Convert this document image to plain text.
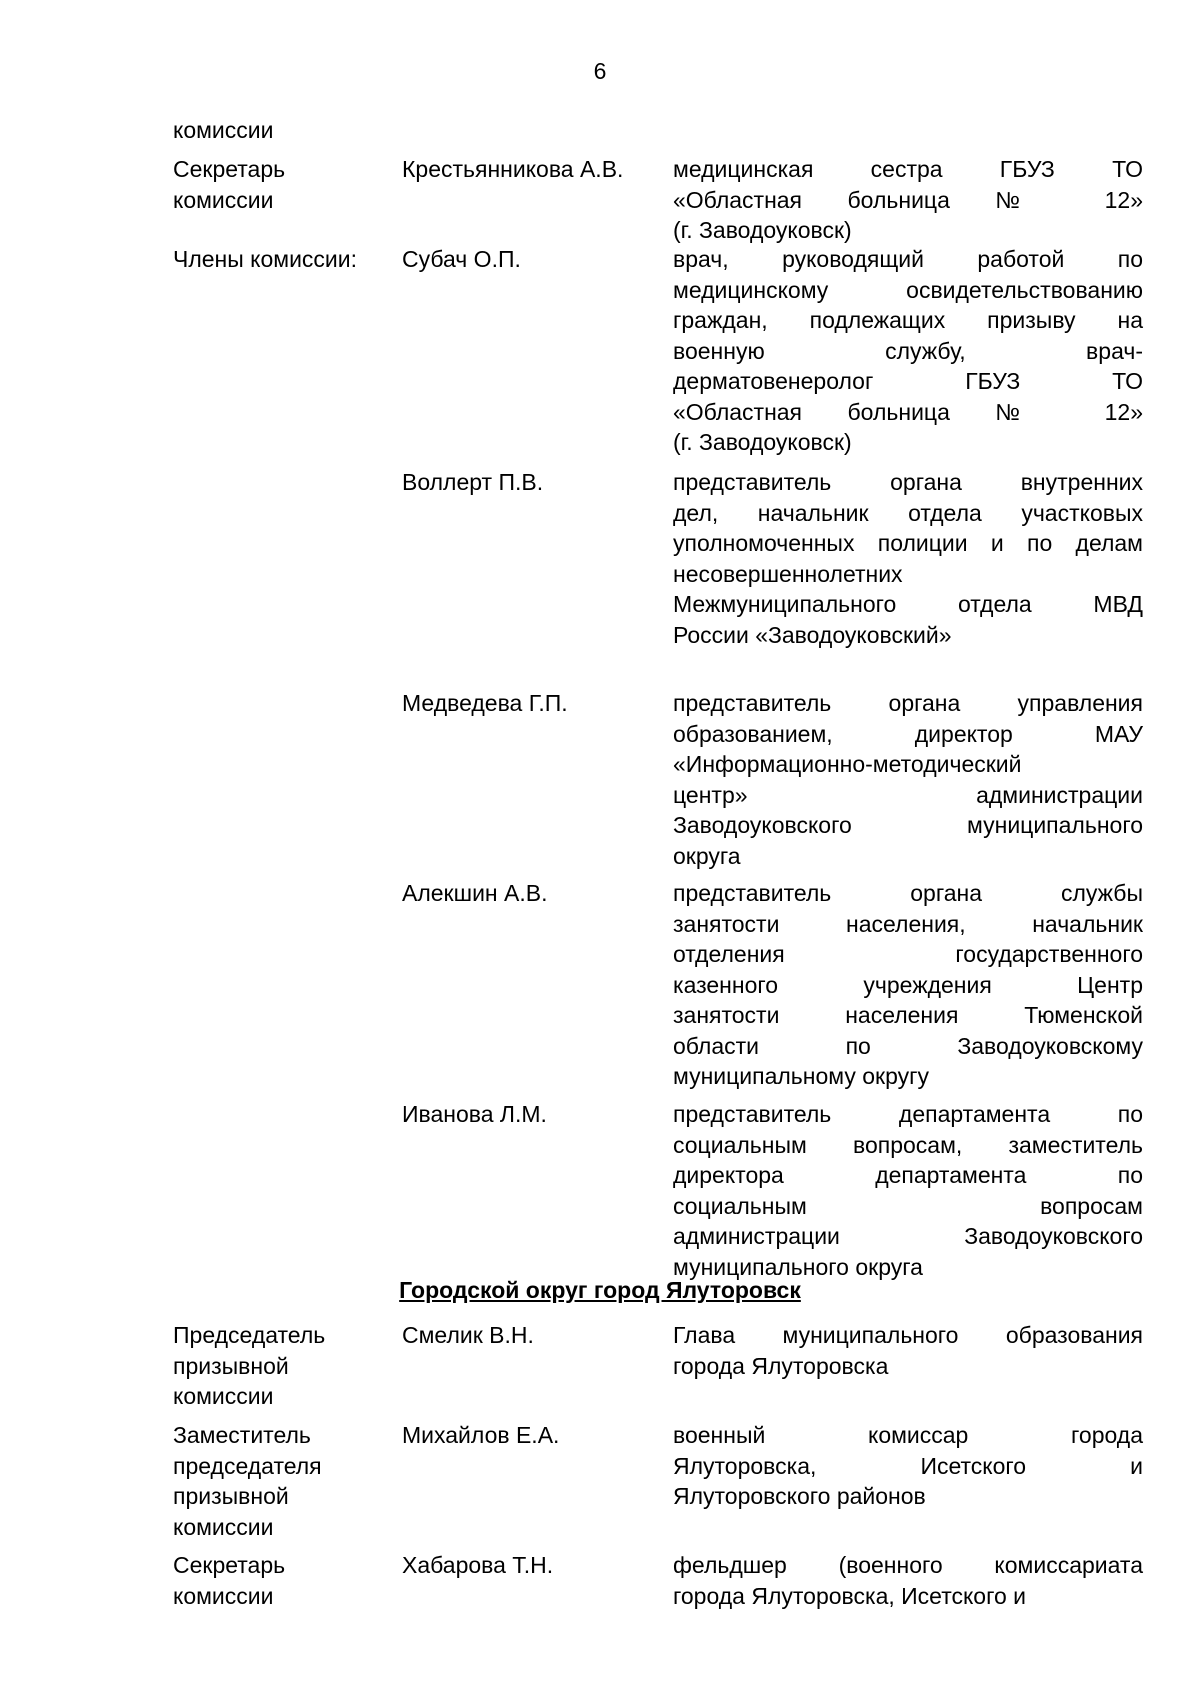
6
комиссии
Секретарь
комиссии
Крестьянникова А.В.	медицинская сестра ГБУЗ ТО
«Областная больница № 12»
(г. Заводоуковск)
Члены комиссии:	Субач О.П.	врач, руководящий работой по
медицинскому освидетельствованию
граждан, подлежащих призыву на
военную службу, врач-
дерматовенеролог ГБУЗ ТО
«Областная больница № 12»
(г. Заводоуковск)
Воллерт П.В.	представитель органа внутренних
дел, начальник отдела участковых
уполномоченных полиции и по делам
несовершеннолетних
Межмуниципального отдела МВД
России «Заводоуковский»
Медведева Г.П.	представитель органа управления
образованием, директор МАУ
«Информационно-методический
центр» администрации
Заводоуковского муниципального
округа
Алекшин А.В.	представитель органа службы
занятости населения, начальник
отделения государственного
казенного учреждения Центр
занятости населения Тюменской
области по Заводоуковскому
муниципальному округу
Иванова Л.М.	представитель департамента по
социальным вопросам, заместитель
директора департамента по
социальным вопросам
администрации Заводоуковского
муниципального округа
Городской округ город Ялуторовск
Председатель
призывной
комиссии
Смелик В.Н.	Глава муниципального образования
города Ялуторовска
Заместитель
председателя
призывной
комиссии
Михайлов Е.А.	военный комиссар города
Ялуторовска, Исетского и
Ялуторовского районов
Секретарь
комиссии
Хабарова Т.Н.	фельдшер (военного комиссариата
города Ялуторовска, Исетского и
